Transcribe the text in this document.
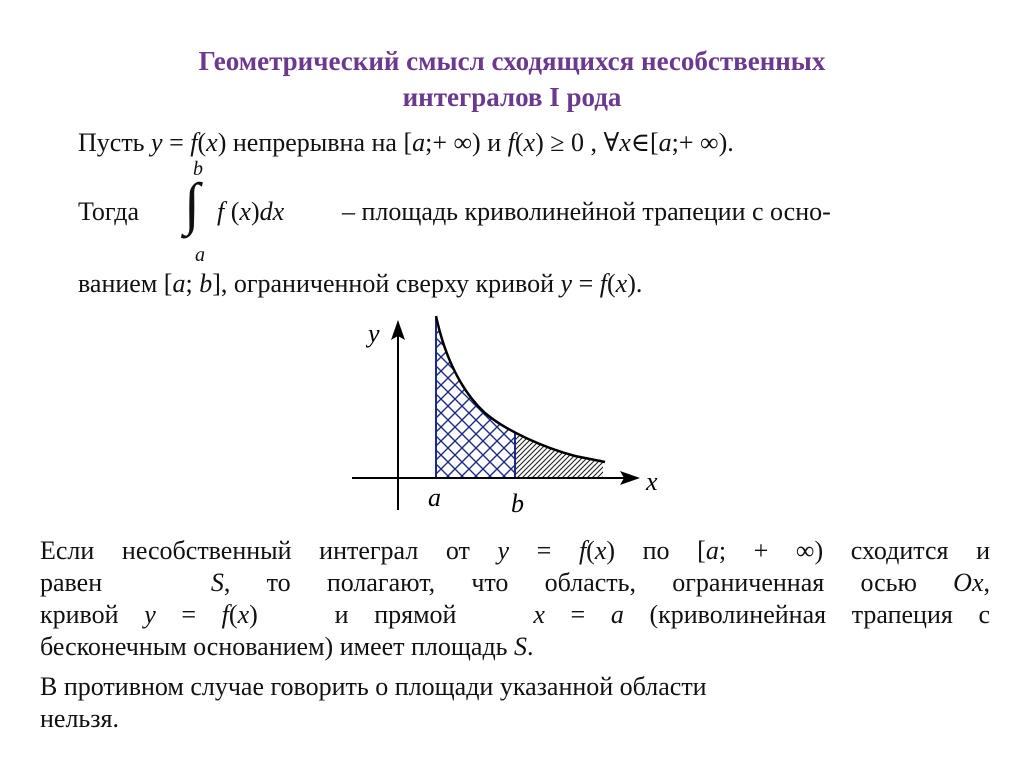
Геометрический смысл сходящихся несобственных
интегралов I рода
Пусть y = f(x) непрерывна на [a;+ ∞) и f(x) ≥ 0 , ∀x∈[a;+ ∞).
Тогда
b
∫
a
f (x)dx – площадь криволинейной трапеции с осно-
ванием [a; b], ограниченной сверху кривой y = f(x).
y
x
a	b
Если несобственный интеграл от y = f(x) по [a; + ∞) сходится и
равен   S, то полагают, что область, ограниченная осью Ox,
кривой y = f(x)   и прямой   x = a (криволинейная трапеция с
бесконечным основанием) имеет площадь S.
В противном случае говорить о площади указанной области
нельзя.
